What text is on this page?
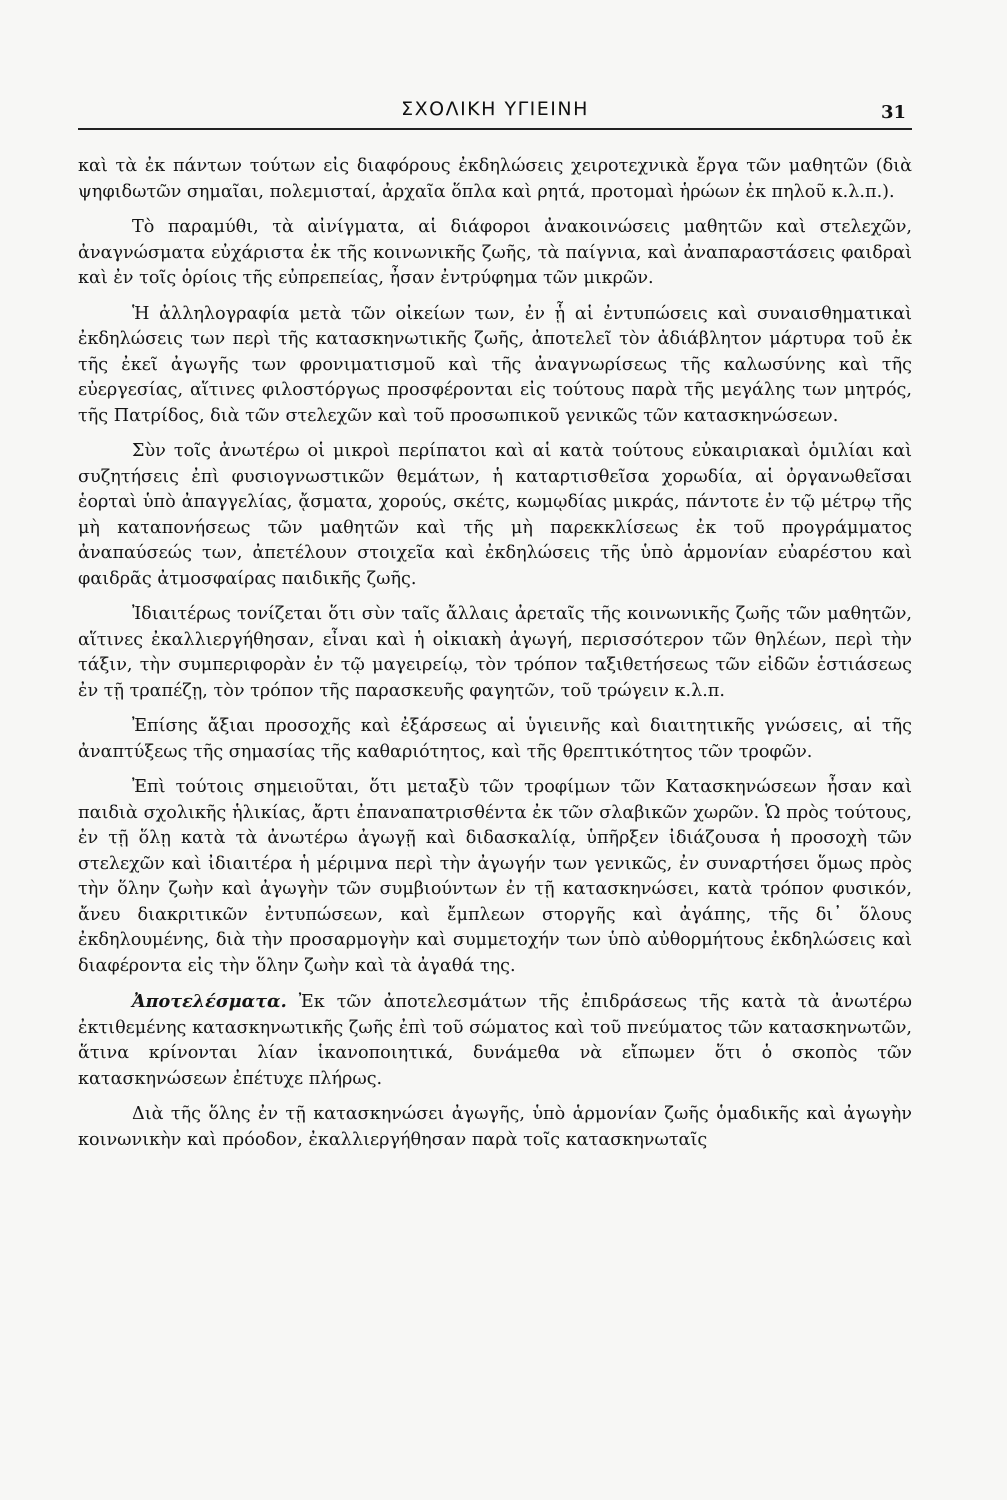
ΣΧΟΛΙΚΗ ΥΓΙΕΙΝΗ	31

καὶ τὰ ἐκ πάντων τούτων εἰς διαφόρους ἐκδηλώσεις χειροτεχνικὰ ἔργα τῶν μαθητῶν (διὰ ψηφιδωτῶν σημαῖαι, πολεμισταί, ἀρχαῖα ὅπλα καὶ ρητά, προτομαὶ ἡρώων ἐκ πηλοῦ κ.λ.π.).

Τὸ παραμύθι, τὰ αἰνίγματα, αἱ διάφοροι ἀνακοινώσεις μαθητῶν καὶ στελεχῶν, ἀναγνώσματα εὐχάριστα ἐκ τῆς κοινωνικῆς ζωῆς, τὰ παίγνια, καὶ ἀναπαραστάσεις φαιδραὶ καὶ ἐν τοῖς ὁρίοις τῆς εὐπρεπείας, ἦσαν ἐντρύφημα τῶν μικρῶν.

Ἡ ἀλληλογραφία μετὰ τῶν οἰκείων των, ἐν ᾗ αἱ ἐντυπώσεις καὶ συναισθηματικαὶ ἐκδηλώσεις των περὶ τῆς κατασκηνωτικῆς ζωῆς, ἀποτελεῖ τὸν ἀδιάβλητον μάρτυρα τοῦ ἐκ τῆς ἐκεῖ ἀγωγῆς των φρονιματισμοῦ καὶ τῆς ἀναγνωρίσεως τῆς καλωσύνης καὶ τῆς εὐεργεσίας, αἵτινες φιλοστόργως προσφέρονται εἰς τούτους παρὰ τῆς μεγάλης των μητρός, τῆς Πατρίδος, διὰ τῶν στελεχῶν καὶ τοῦ προσωπικοῦ γενικῶς τῶν κατασκηνώσεων.

Σὺν τοῖς ἀνωτέρω οἱ μικροὶ περίπατοι καὶ αἱ κατὰ τούτους εὐκαιριακαὶ ὁμιλίαι καὶ συζητήσεις ἐπὶ φυσιογνωστικῶν θεμάτων, ἡ καταρτισθεῖσα χορωδία, αἱ ὀργανωθεῖσαι ἑορταὶ ὑπὸ ἀπαγγελίας, ᾄσματα, χορούς, σκέτς, κωμῳδίας μικράς, πάντοτε ἐν τῷ μέτρῳ τῆς μὴ καταπονήσεως τῶν μαθητῶν καὶ τῆς μὴ παρεκκλίσεως ἐκ τοῦ προγράμματος ἀναπαύσεώς των, ἀπετέλουν στοιχεῖα καὶ ἐκδηλώσεις τῆς ὑπὸ ἁρμονίαν εὐαρέστου καὶ φαιδρᾶς ἀτμοσφαίρας παιδικῆς ζωῆς.

Ἰδιαιτέρως τονίζεται ὅτι σὺν ταῖς ἄλλαις ἀρεταῖς τῆς κοινωνικῆς ζωῆς τῶν μαθητῶν, αἵτινες ἐκαλλιεργήθησαν, εἶναι καὶ ἡ οἰκιακὴ ἀγωγή, περισσότερον τῶν θηλέων, περὶ τὴν τάξιν, τὴν συμπεριφορὰν ἐν τῷ μαγειρείῳ, τὸν τρόπον ταξιθετήσεως τῶν εἰδῶν ἑστιάσεως ἐν τῇ τραπέζῃ, τὸν τρόπον τῆς παρασκευῆς φαγητῶν, τοῦ τρώγειν κ.λ.π.

Ἐπίσης ἄξιαι προσοχῆς καὶ ἐξάρσεως αἱ ὑγιεινῆς καὶ διαιτητικῆς γνώσεις, αἱ τῆς ἀναπτύξεως τῆς σημασίας τῆς καθαριότητος, καὶ τῆς θρεπτικότητος τῶν τροφῶν.

Ἐπὶ τούτοις σημειοῦται, ὅτι μεταξὺ τῶν τροφίμων τῶν Κατασκηνώσεων ἦσαν καὶ παιδιὰ σχολικῆς ἡλικίας, ἄρτι ἐπαναπατρισθέντα ἐκ τῶν σλαβικῶν χωρῶν. Ὡ πρὸς τούτους, ἐν τῇ ὅλῃ κατὰ τὰ ἀνωτέρω ἀγωγῇ καὶ διδασκαλίᾳ, ὑπῆρξεν ἰδιάζουσα ἡ προσοχὴ τῶν στελεχῶν καὶ ἰδιαιτέρα ἡ μέριμνα περὶ τὴν ἀγωγήν των γενικῶς, ἐν συναρτήσει ὅμως πρὸς τὴν ὅλην ζωὴν καὶ ἀγωγὴν τῶν συμβιούντων ἐν τῇ κατασκηνώσει, κατὰ τρόπον φυσικόν, ἄνευ διακριτικῶν ἐντυπώσεων, καὶ ἔμπλεων στοργῆς καὶ ἀγάπης, τῆς δι᾽ ὅλους ἐκδηλουμένης, διὰ τὴν προσαρμογὴν καὶ συμμετοχήν των ὑπὸ αὐθορμήτους ἐκδηλώσεις καὶ διαφέροντα εἰς τὴν ὅλην ζωὴν καὶ τὰ ἀγαθά της.

Ἀποτελέσματα. Ἐκ τῶν ἀποτελεσμάτων τῆς ἐπιδράσεως τῆς κατὰ τὰ ἀνωτέρω ἐκτιθεμένης κατασκηνωτικῆς ζωῆς ἐπὶ τοῦ σώματος καὶ τοῦ πνεύματος τῶν κατασκηνωτῶν, ἅτινα κρίνονται λίαν ἱκανοποιητικά, δυνάμεθα νὰ εἴπωμεν ὅτι ὁ σκοπὸς τῶν κατασκηνώσεων ἐπέτυχε πλήρως.

Διὰ τῆς ὅλης ἐν τῇ κατασκηνώσει ἀγωγῆς, ὑπὸ ἁρμονίαν ζωῆς ὁμαδικῆς καὶ ἀγωγὴν κοινωνικὴν καὶ πρόοδον, ἐκαλλιεργήθησαν παρὰ τοῖς κατασκηνωταῖς
